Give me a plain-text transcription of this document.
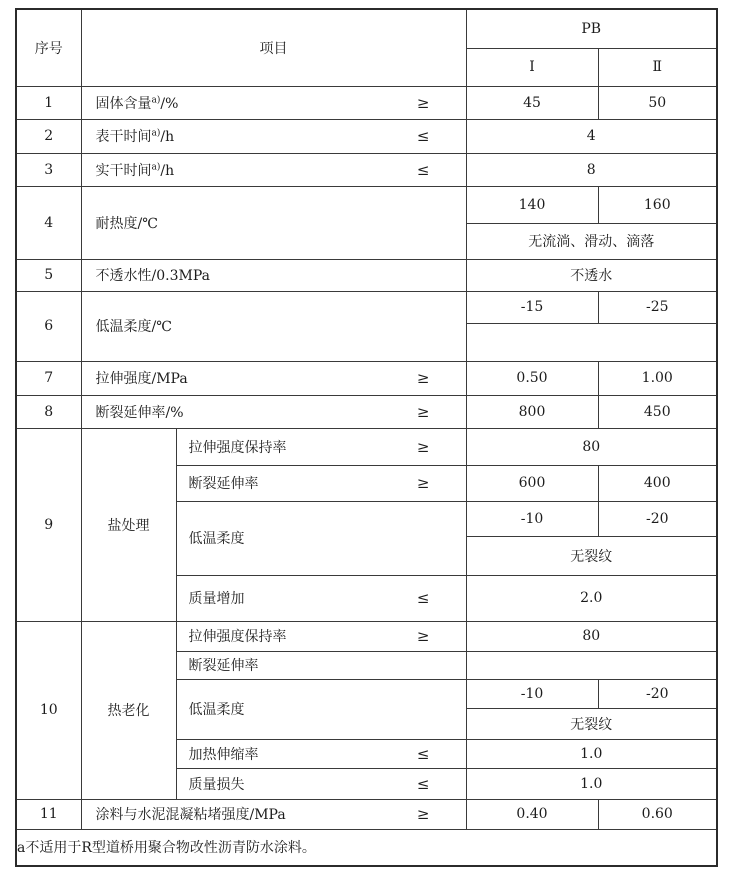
序号	项目		PB	
			Ⅰ	Ⅱ
1	固体含量$^{a)}$/% ≥		45	50
2	表干时间$^{a)}$/h ≤		4	
3	实干时间$^{a)}$/h ≤		8	
4	耐热度/℃		140	160
			无流淌、滑动、滴落	
5	不透水性/0.3MPa		不透水	
6	低温柔度/℃		-15	-25

7	拉伸强度/MPa ≥		0.50	1.00
8	断裂延伸率/% ≥		800	450
9	盐处理	拉伸强度保持率 ≥	80	

		断裂延伸率 ≥	600	400

		低温柔度	-10	-20
			无裂纹	

		质量增加 ≤	2.0	
10	热老化	拉伸强度保持率 ≥	80	

		断裂延伸率		

		低温柔度	-10	-20
			无裂纹	

		加热伸缩率 ≤	1.0	

		质量损失 ≤	1.0	
11	涂料与水泥混凝粘堵强度/MPa ≥		0.40	0.60
a不适用于R型道桥用聚合物改性沥青防水涂料。				
